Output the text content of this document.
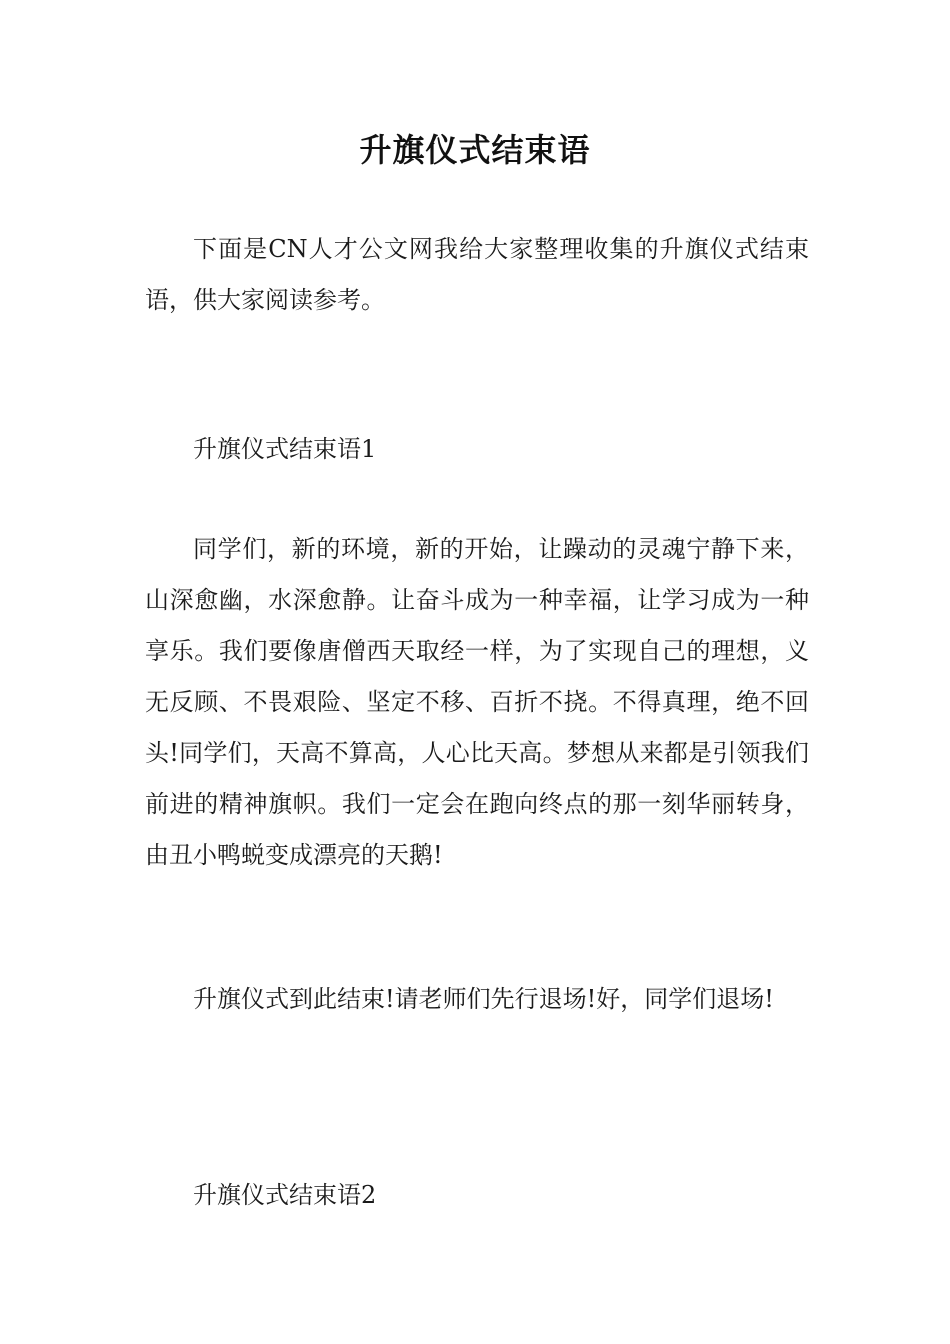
升旗仪式结束语

下面是CN人才公文网我给大家整理收集的升旗仪式结束语，供大家阅读参考。

升旗仪式结束语1

同学们，新的环境，新的开始，让躁动的灵魂宁静下来，山深愈幽，水深愈静。让奋斗成为一种幸福，让学习成为一种享乐。我们要像唐僧西天取经一样，为了实现自己的理想，义无反顾、不畏艰险、坚定不移、百折不挠。不得真理，绝不回头!同学们，天高不算高，人心比天高。梦想从来都是引领我们前进的精神旗帜。我们一定会在跑向终点的那一刻华丽转身，由丑小鸭蜕变成漂亮的天鹅!

升旗仪式到此结束!请老师们先行退场!好，同学们退场!

升旗仪式结束语2
